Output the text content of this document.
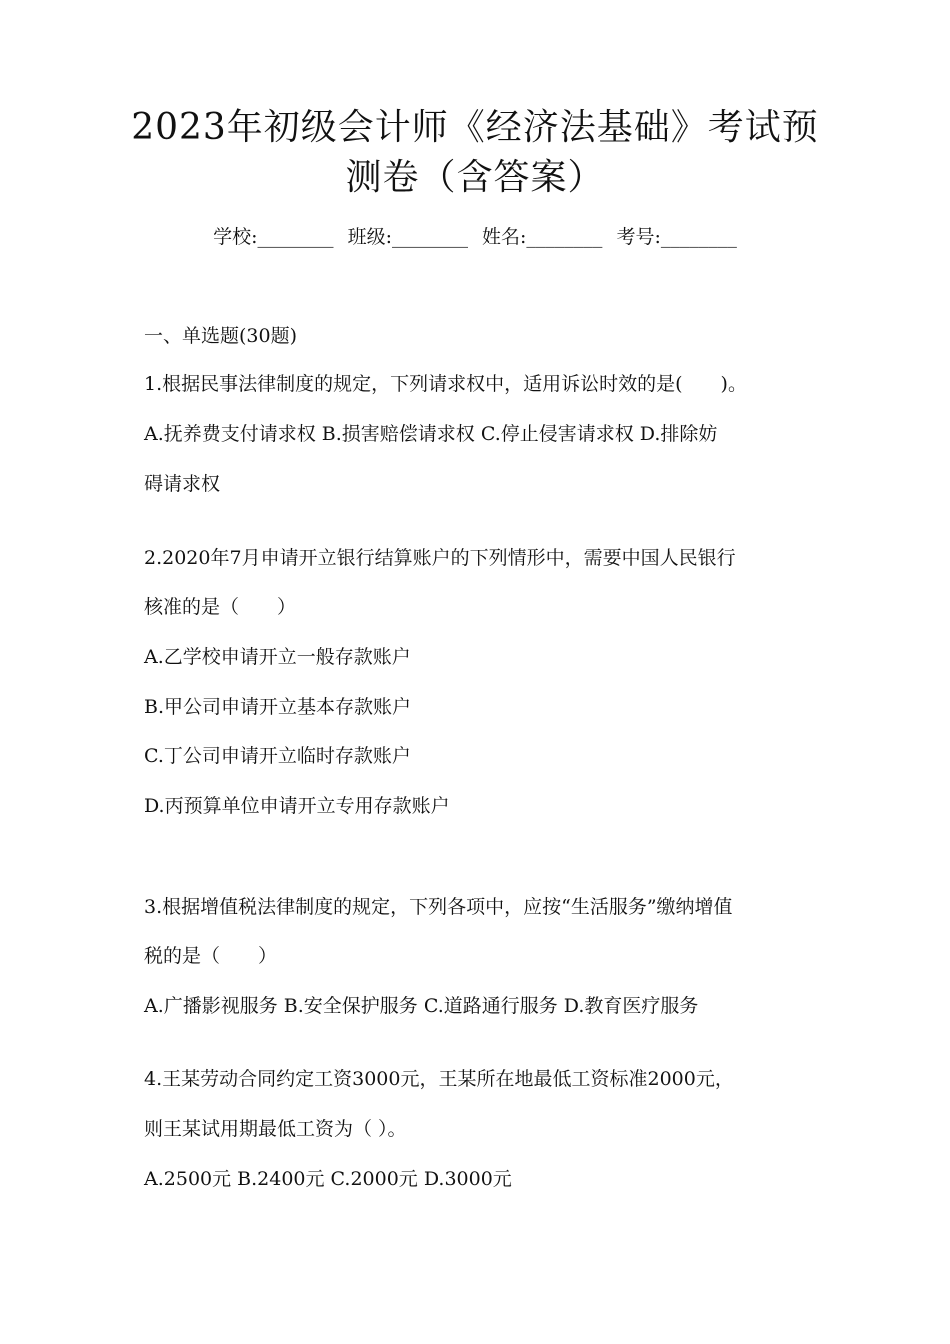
2023年初级会计师《经济法基础》考试预
测卷（含答案）
学校:________ 班级:________ 姓名:________ 考号:________
一、单选题(30题)
1.根据民事法律制度的规定，下列请求权中，适用诉讼时效的是(　　)。
A.抚养费支付请求权 B.损害赔偿请求权 C.停止侵害请求权 D.排除妨
碍请求权
2.2020年7月申请开立银行结算账户的下列情形中，需要中国人民银行
核准的是（　　）
A.乙学校申请开立一般存款账户
B.甲公司申请开立基本存款账户
C.丁公司申请开立临时存款账户
D.丙预算单位申请开立专用存款账户
3.根据增值税法律制度的规定，下列各项中，应按“生活服务”缴纳增值
税的是（　　）
A.广播影视服务 B.安全保护服务 C.道路通行服务 D.教育医疗服务
4.王某劳动合同约定工资3000元，王某所在地最低工资标准2000元，
则王某试用期最低工资为（ ）。
A.2500元 B.2400元 C.2000元 D.3000元
